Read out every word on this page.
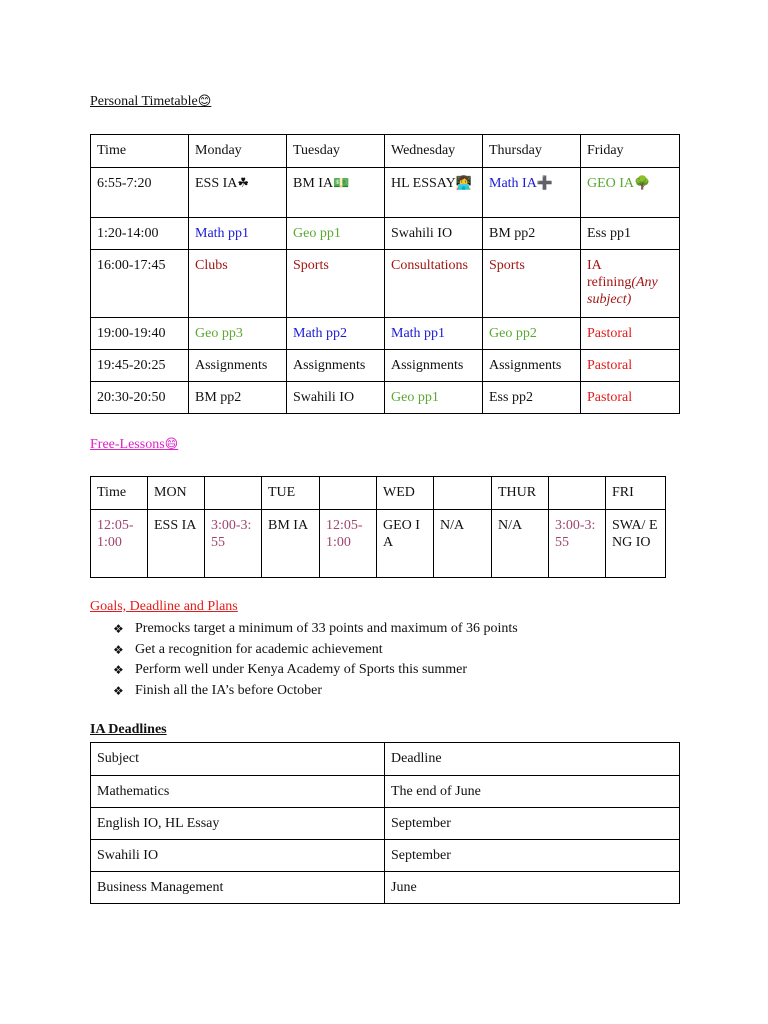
Personal Timetable😊
Time	Monday	Tuesday	Wednesday	Thursday	Friday
6:55-7:20	ESS IA☘	BM IA💵	HL ESSAY👩‍💻	Math IA➕	GEO IA🌳
1:20-14:00	Math pp1	Geo pp1	Swahili IO	BM pp2	Ess pp1
16:00-17:45	Clubs	Sports	Consultations	Sports	IA refining(Any subject)
19:00-19:40	Geo pp3	Math pp2	Math pp1	Geo pp2	Pastoral
19:45-20:25	Assignments	Assignments	Assignments	Assignments	Pastoral
20:30-20:50	BM pp2	Swahili IO	Geo pp1	Ess pp2	Pastoral
Free-Lessons😄
Time	MON		TUE		WED		THUR		FRI
12:05-1:00	ESS IA	3:00-3:55	BM IA	12:05-1:00	GEO IA	N/A	N/A	3:00-3:55	SWA/ ENG IO
Goals, Deadline and Plans
❖ Premocks target a minimum of 33 points and maximum of 36 points
❖ Get a recognition for academic achievement
❖ Perform well under Kenya Academy of Sports this summer
❖ Finish all the IA’s before October
IA Deadlines
Subject	Deadline
Mathematics	The end of June
English IO, HL Essay	September
Swahili IO	September
Business Management	June
